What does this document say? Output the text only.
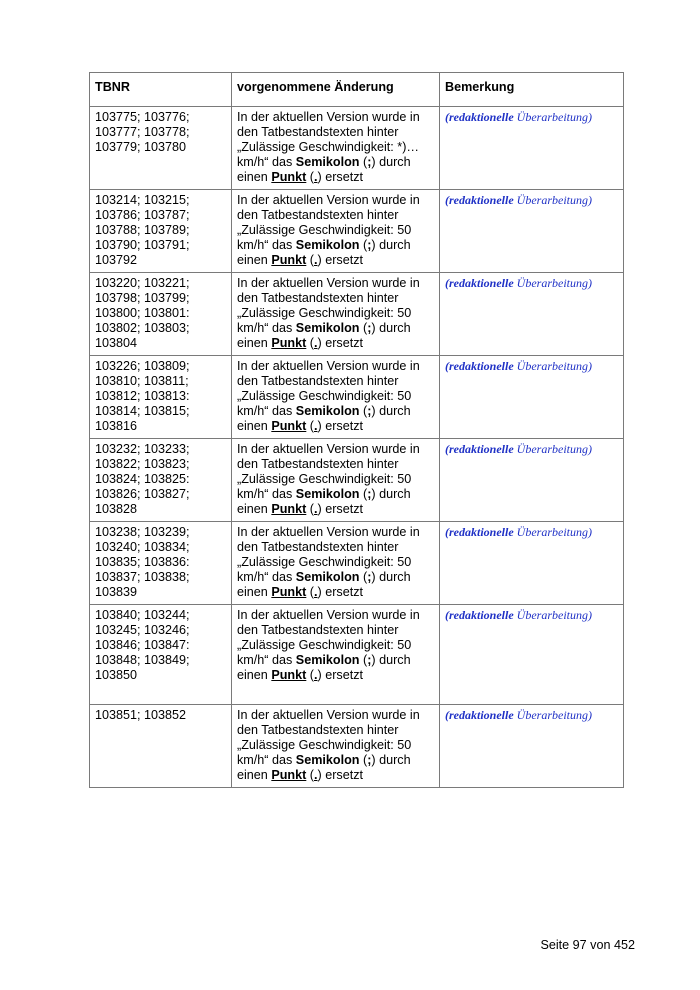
TBNR	vorgenommene Änderung	Bemerkung
103775; 103776;
103777; 103778;
103779; 103780	In der aktuellen Version wurde in den Tatbestandstexten hinter „Zulässige Geschwindigkeit: *)… km/h“ das Semikolon (;) durch einen Punkt (.) ersetzt	(redaktionelle Überarbeitung)
103214; 103215;
103786; 103787;
103788; 103789;
103790; 103791;
103792	In der aktuellen Version wurde in den Tatbestandstexten hinter „Zulässige Geschwindigkeit: 50 km/h“ das Semikolon (;) durch einen Punkt (.) ersetzt	(redaktionelle Überarbeitung)
103220; 103221;
103798; 103799;
103800; 103801:
103802; 103803;
103804	In der aktuellen Version wurde in den Tatbestandstexten hinter „Zulässige Geschwindigkeit: 50 km/h“ das Semikolon (;) durch einen Punkt (.) ersetzt	(redaktionelle Überarbeitung)
103226; 103809;
103810; 103811;
103812; 103813:
103814; 103815;
103816	In der aktuellen Version wurde in den Tatbestandstexten hinter „Zulässige Geschwindigkeit: 50 km/h“ das Semikolon (;) durch einen Punkt (.) ersetzt	(redaktionelle Überarbeitung)
103232; 103233;
103822; 103823;
103824; 103825:
103826; 103827;
103828	In der aktuellen Version wurde in den Tatbestandstexten hinter „Zulässige Geschwindigkeit: 50 km/h“ das Semikolon (;) durch einen Punkt (.) ersetzt	(redaktionelle Überarbeitung)
103238; 103239;
103240; 103834;
103835; 103836:
103837; 103838;
103839	In der aktuellen Version wurde in den Tatbestandstexten hinter „Zulässige Geschwindigkeit: 50 km/h“ das Semikolon (;) durch einen Punkt (.) ersetzt	(redaktionelle Überarbeitung)
103840; 103244;
103245; 103246;
103846; 103847:
103848; 103849;
103850	In der aktuellen Version wurde in den Tatbestandstexten hinter „Zulässige Geschwindigkeit: 50 km/h“ das Semikolon (;) durch einen Punkt (.) ersetzt	(redaktionelle Überarbeitung)
103851; 103852	In der aktuellen Version wurde in den Tatbestandstexten hinter „Zulässige Geschwindigkeit: 50 km/h“ das Semikolon (;) durch einen Punkt (.) ersetzt	(redaktionelle Überarbeitung)
Seite 97 von 452
